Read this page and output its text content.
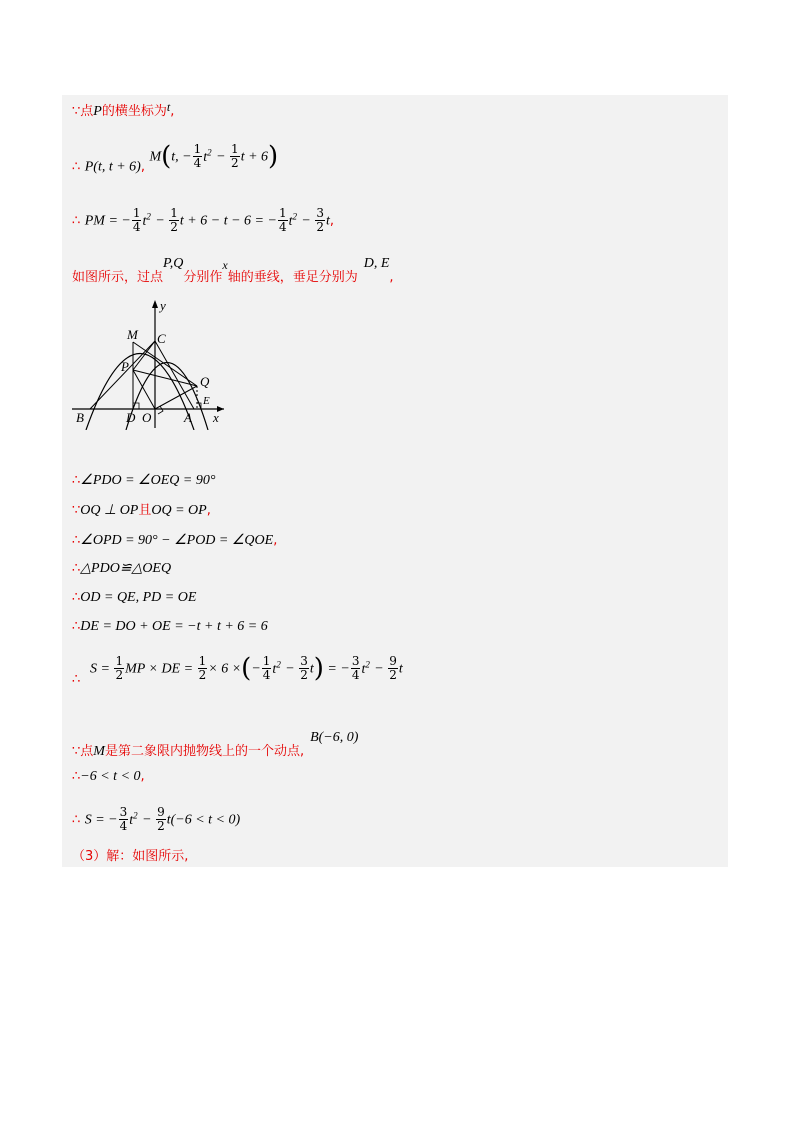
∵点P的横坐标为t,
∴ P(t, t + 6), M(t, − $\frac{1}{4} t^2 - \frac{1}{2}$ t + 6)
∴ PM = − $\frac{1}{4} t^2 - \frac{1}{2}$ t + 6 − t − 6 = − $\frac{1}{4} t^2 - \frac{3}{2} t$,
如图所示，过点P,Q分别作x轴的垂线，垂足分别为D, E,
y
x
M C
P
Q
E
B	D O	A
∴∠PDO = ∠OEQ = 90°
∵OQ ⊥ OP且OQ = OP,
∴∠OPD = 90° − ∠POD = ∠QOE,
∴△PDO≌△OEQ
∴OD = QE, PD = OE
∴DE = DO + OE = −t + t + 6 = 6
∴
$S = \frac{1}{2}$ MP × DE = $\frac{1}{2} \times 6$ ×(− $\frac{1}{4} t^2 - \frac{3}{2} t$) = − $\frac{3}{4} t^2 - \frac{9}{2}$ t
∵点M是第二象限内抛物线上的一个动点,B(−6, 0)
∴−6 < t < 0,
∴ S = − $\frac{3}{4} t^2 - \frac{9}{2} t(-6 < t < 0)$
（3）解：如图所示,
